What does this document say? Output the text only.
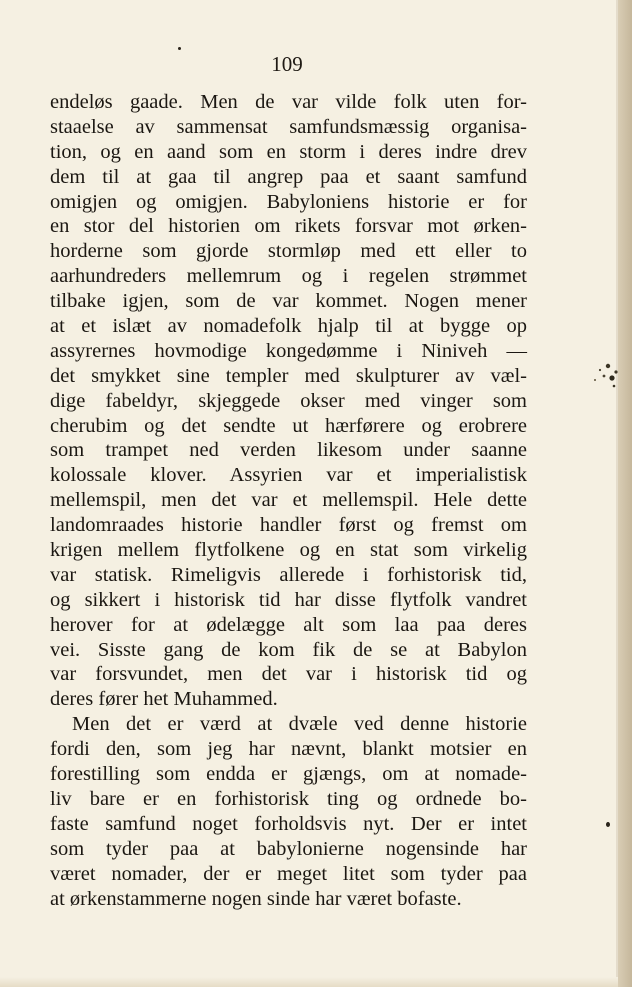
109
endeløs gaade. Men de var vilde folk uten for-
staaelse av sammensat samfundsmæssig organisa-
tion, og en aand som en storm i deres indre drev
dem til at gaa til angrep paa et saant samfund
omigjen og omigjen. Babyloniens historie er for
en stor del historien om rikets forsvar mot ørken-
horderne som gjorde stormløp med ett eller to
aarhundreders mellemrum og i regelen strømmet
tilbake igjen, som de var kommet. Nogen mener
at et islæt av nomadefolk hjalp til at bygge op
assyrernes hovmodige kongedømme i Niniveh —
det smykket sine templer med skulpturer av væl-
dige fabeldyr, skjeggede okser med vinger som
cherubim og det sendte ut hærførere og erobrere
som trampet ned verden likesom under saanne
kolossale klover. Assyrien var et imperialistisk
mellemspil, men det var et mellemspil. Hele dette
landomraades historie handler først og fremst om
krigen mellem flytfolkene og en stat som virkelig
var statisk. Rimeligvis allerede i forhistorisk tid,
og sikkert i historisk tid har disse flytfolk vandret
herover for at ødelægge alt som laa paa deres
vei. Sisste gang de kom fik de se at Babylon
var forsvundet, men det var i historisk tid og
deres fører het Muhammed.
Men det er værd at dvæle ved denne historie
fordi den, som jeg har nævnt, blankt motsier en
forestilling som endda er gjængs, om at nomade-
liv bare er en forhistorisk ting og ordnede bo-
faste samfund noget forholdsvis nyt. Der er intet
som tyder paa at babylonierne nogensinde har
været nomader, der er meget litet som tyder paa
at ørkenstammerne nogen sinde har været bofaste.
